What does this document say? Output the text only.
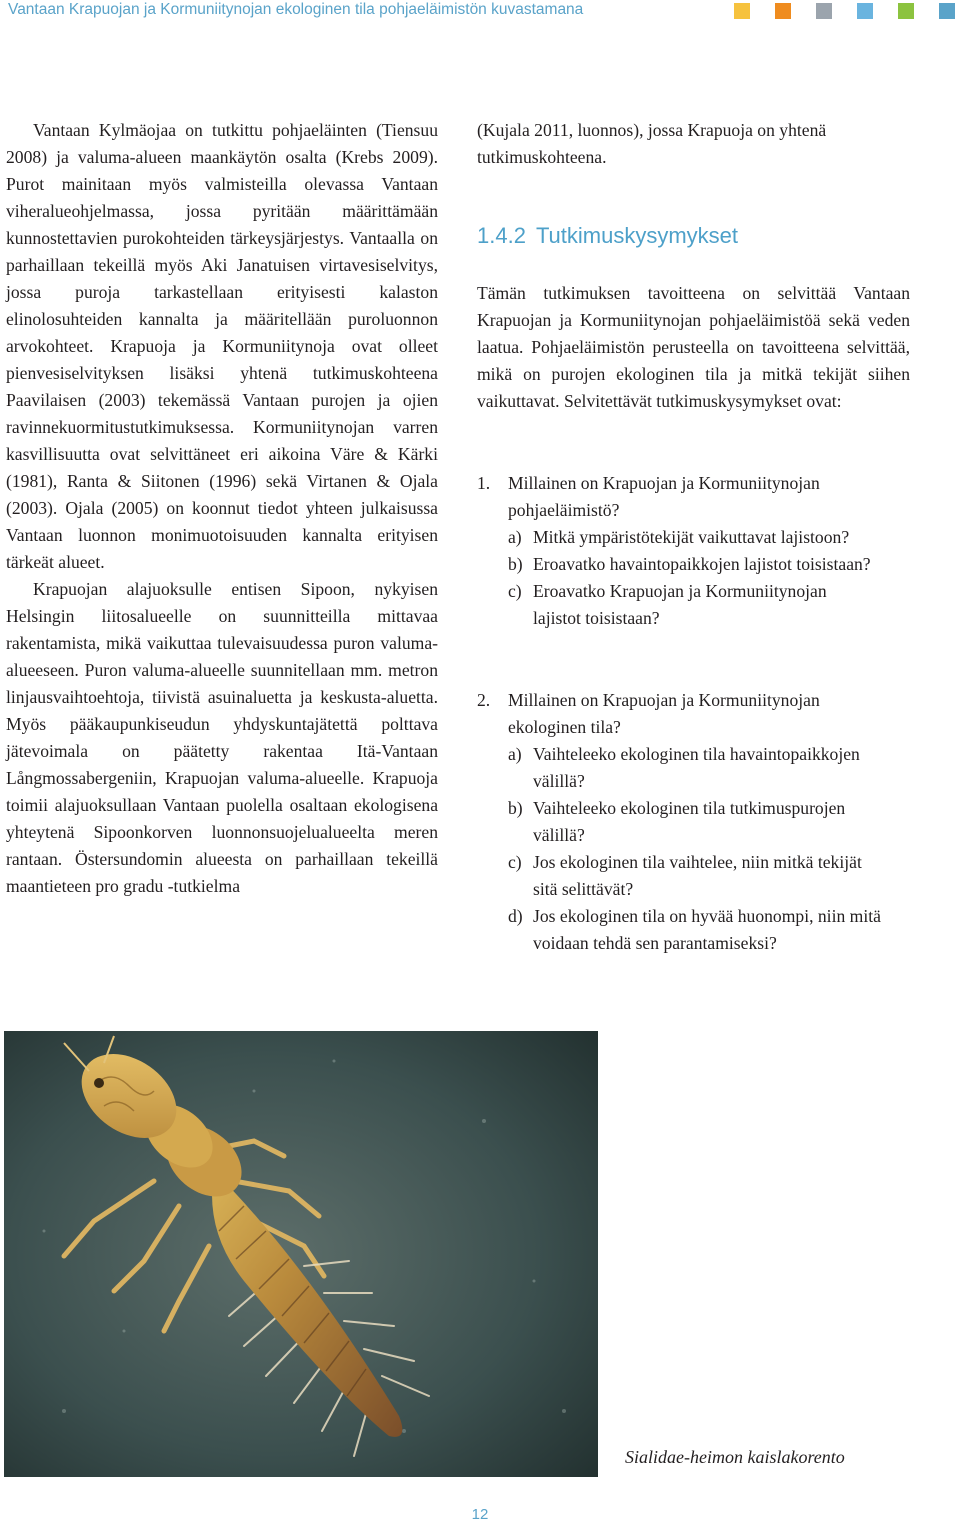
Vantaan Krapuojan ja Kormuniitynojan ekologinen tila pohjaeläimistön kuvastamana

Vantaan Kylmäojaa on tutkittu pohjaeläinten (Tiensuu 2008) ja valuma-alueen maankäytön osalta (Krebs 2009). Purot mainitaan myös valmisteilla olevassa Vantaan viheralueohjelmassa, jossa pyritään määrittämään kunnostettavien purokohteiden tärkeysjärjestys. Vantaalla on parhaillaan tekeillä myös Aki Janatuisen virtavesiselvitys, jossa puroja tarkastellaan erityisesti kalaston elinolosuhteiden kannalta ja määritellään puroluonnon arvokohteet. Krapuoja ja Kormuniitynoja ovat olleet pienvesiselvityksen lisäksi yhtenä tutkimuskohteena Paavilaisen (2003) tekemässä Vantaan purojen ja ojien ravinnekuormitustutkimuksessa. Kormuniitynojan varren kasvillisuutta ovat selvittäneet eri aikoina Väre & Kärki (1981), Ranta & Siitonen (1996) sekä Virtanen & Ojala (2003). Ojala (2005) on koonnut tiedot yhteen julkaisussa Vantaan luonnon monimuotoisuuden kannalta erityisen tärkeät alueet.

Krapuojan alajuoksulle entisen Sipoon, nykyisen Helsingin liitosalueelle on suunnitteilla mittavaa rakentamista, mikä vaikuttaa tulevaisuudessa puron valuma-alueeseen. Puron valuma-alueelle suunnitellaan mm. metron linjausvaihtoehtoja, tiivistä asuinaluetta ja keskusta-aluetta. Myös pääkaupunkiseudun yhdyskuntajätettä polttava jätevoimala on päätetty rakentaa Itä-Vantaan Långmossabergeniin, Krapuojan valuma-alueelle. Krapuoja toimii alajuoksullaan Vantaan puolella osaltaan ekologisena yhteytenä Sipoonkorven luonnonsuojelualueelta meren rantaan. Östersundomin alueesta on parhaillaan tekeillä maantieteen pro gradu -tutkielma

(Kujala 2011, luonnos), jossa Krapuoja on yhtenä tutkimuskohteena.

1.4.2 Tutkimuskysymykset

Tämän tutkimuksen tavoitteena on selvittää Vantaan Krapuojan ja Kormuniitynojan pohjaeläimistöä sekä veden laatua. Pohjaeläimistön perusteella on tavoitteena selvittää, mikä on purojen ekologinen tila ja mitkä tekijät siihen vaikuttavat. Selvitettävät tutkimuskysymykset ovat:

1. Millainen on Krapuojan ja Kormuniitynojan pohjaeläimistö?
a) Mitkä ympäristötekijät vaikuttavat lajistoon?
b) Eroavatko havaintopaikkojen lajistot toisistaan?
c) Eroavatko Krapuojan ja Kormuniitynojan lajistot toisistaan?
2. Millainen on Krapuojan ja Kormuniitynojan ekologinen tila?
a) Vaihteleeko ekologinen tila havaintopaikkojen välillä?
b) Vaihteleeko ekologinen tila tutkimuspurojen välillä?
c) Jos ekologinen tila vaihtelee, niin mitkä tekijät sitä selittävät?
d) Jos ekologinen tila on hyvää huonompi, niin mitä voidaan tehdä sen parantamiseksi?
Sialidae-heimon kaislakorento
12
